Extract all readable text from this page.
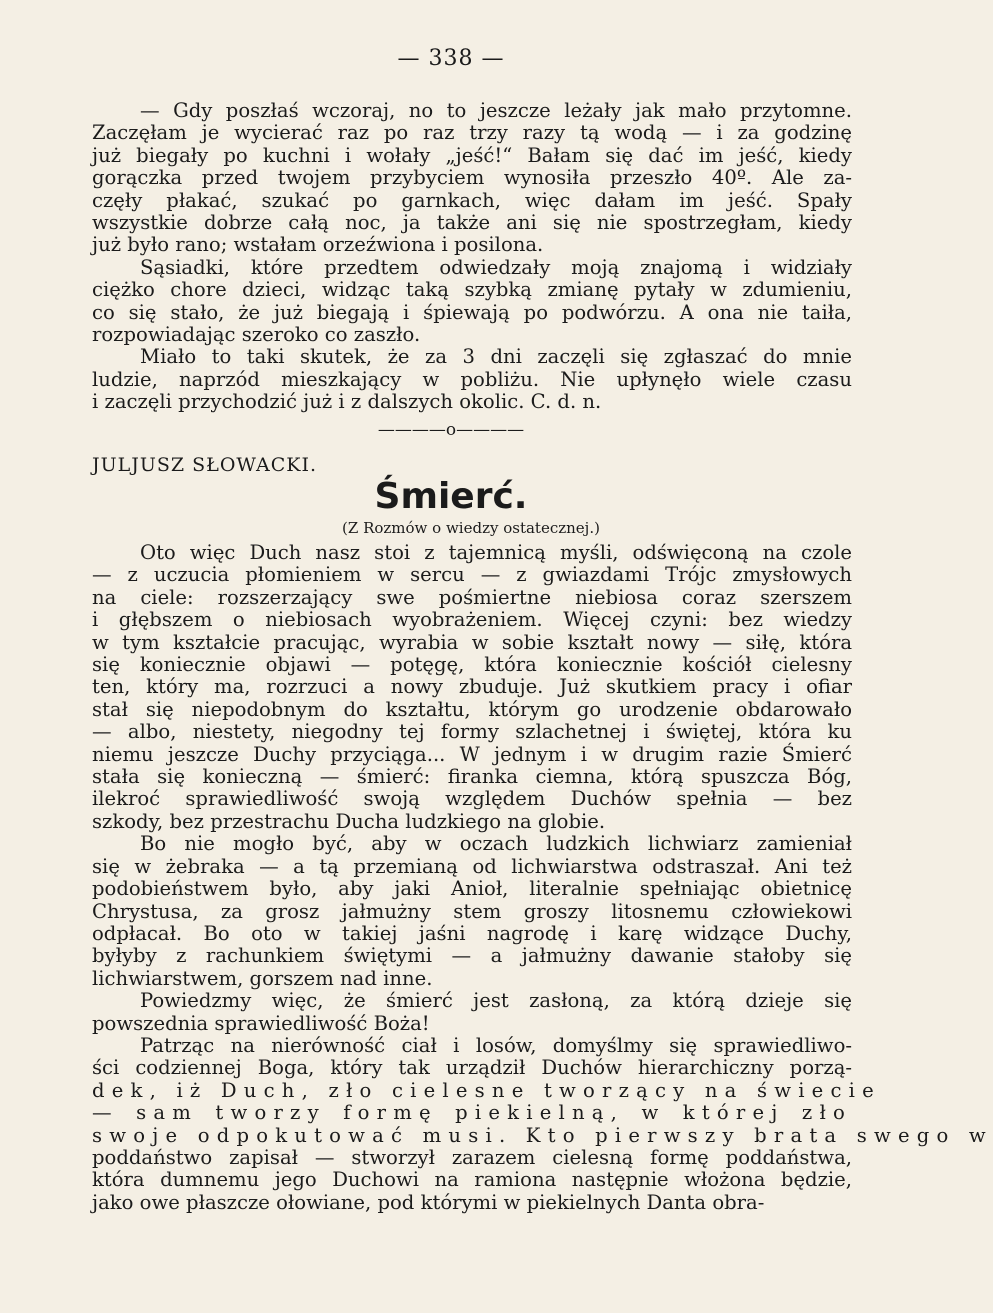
— 338 —
— Gdy poszłaś wczoraj, no to jeszcze leżały jak mało przytomne.
Zaczęłam je wycierać raz po raz trzy razy tą wodą — i za godzinę
już biegały po kuchni i wołały „jeść!“ Bałam się dać im jeść, kiedy
gorączka przed twojem przybyciem wynosiła przeszło 40º. Ale za-
częły płakać, szukać po garnkach, więc dałam im jeść. Spały
wszystkie dobrze całą noc, ja także ani się nie spostrzegłam, kiedy
już było rano; wstałam orzeźwiona i posilona.
Sąsiadki, które przedtem odwiedzały moją znajomą i widziały
ciężko chore dzieci, widząc taką szybką zmianę pytały w zdumieniu,
co się stało, że już biegają i śpiewają po podwórzu. A ona nie taiła,
rozpowiadając szeroko co zaszło.
Miało to taki skutek, że za 3 dni zaczęli się zgłaszać do mnie
ludzie, naprzód mieszkający w pobliżu. Nie upłynęło wiele czasu
i zaczęli przychodzić już i z dalszych okolic. C. d. n.
————o————
JULJUSZ SŁOWACKI.
Śmierć.
(Z Rozmów o wiedzy ostatecznej.)
Oto więc Duch nasz stoi z tajemnicą myśli, odświęconą na czole
— z uczucia płomieniem w sercu — z gwiazdami Trójc zmysłowych
na ciele: rozszerzający swe pośmiertne niebiosa coraz szerszem
i głębszem o niebiosach wyobrażeniem. Więcej czyni: bez wiedzy
w tym kształcie pracując, wyrabia w sobie kształt nowy — siłę, która
się koniecznie objawi — potęgę, która koniecznie kościół cielesny
ten, który ma, rozrzuci a nowy zbuduje. Już skutkiem pracy i ofiar
stał się niepodobnym do kształtu, którym go urodzenie obdarowało
— albo, niestety, niegodny tej formy szlachetnej i świętej, która ku
niemu jeszcze Duchy przyciąga... W jednym i w drugim razie Śmierć
stała się konieczną — śmierć: firanka ciemna, którą spuszcza Bóg,
ilekroć sprawiedliwość swoją względem Duchów spełnia — bez
szkody, bez przestrachu Ducha ludzkiego na globie.
Bo nie mogło być, aby w oczach ludzkich lichwiarz zamieniał
się w żebraka — a tą przemianą od lichwiarstwa odstraszał. Ani też
podobieństwem było, aby jaki Anioł, literalnie spełniając obietnicę
Chrystusa, za grosz jałmużny stem groszy litosnemu człowiekowi
odpłacał. Bo oto w takiej jaśni nagrodę i karę widzące Duchy,
byłyby z rachunkiem świętymi — a jałmużny dawanie stałoby się
lichwiarstwem, gorszem nad inne.
Powiedzmy więc, że śmierć jest zasłoną, za którą dzieje się
powszednia sprawiedliwość Boża!
Patrząc na nierówność ciał i losów, domyślmy się sprawiedliwo-
ści codziennej Boga, który tak urządził Duchów hierarchiczny porzą-
dek, iż Duch, zło cielesne tworzący na świecie
— sam tworzy formę piekielną, w której zło
swoje odpokutować musi. Kto pierwszy brata swego w
poddaństwo zapisał — stworzył zarazem cielesną formę poddaństwa,
która dumnemu jego Duchowi na ramiona następnie włożona będzie,
jako owe płaszcze ołowiane, pod którymi w piekielnych Danta obra-
